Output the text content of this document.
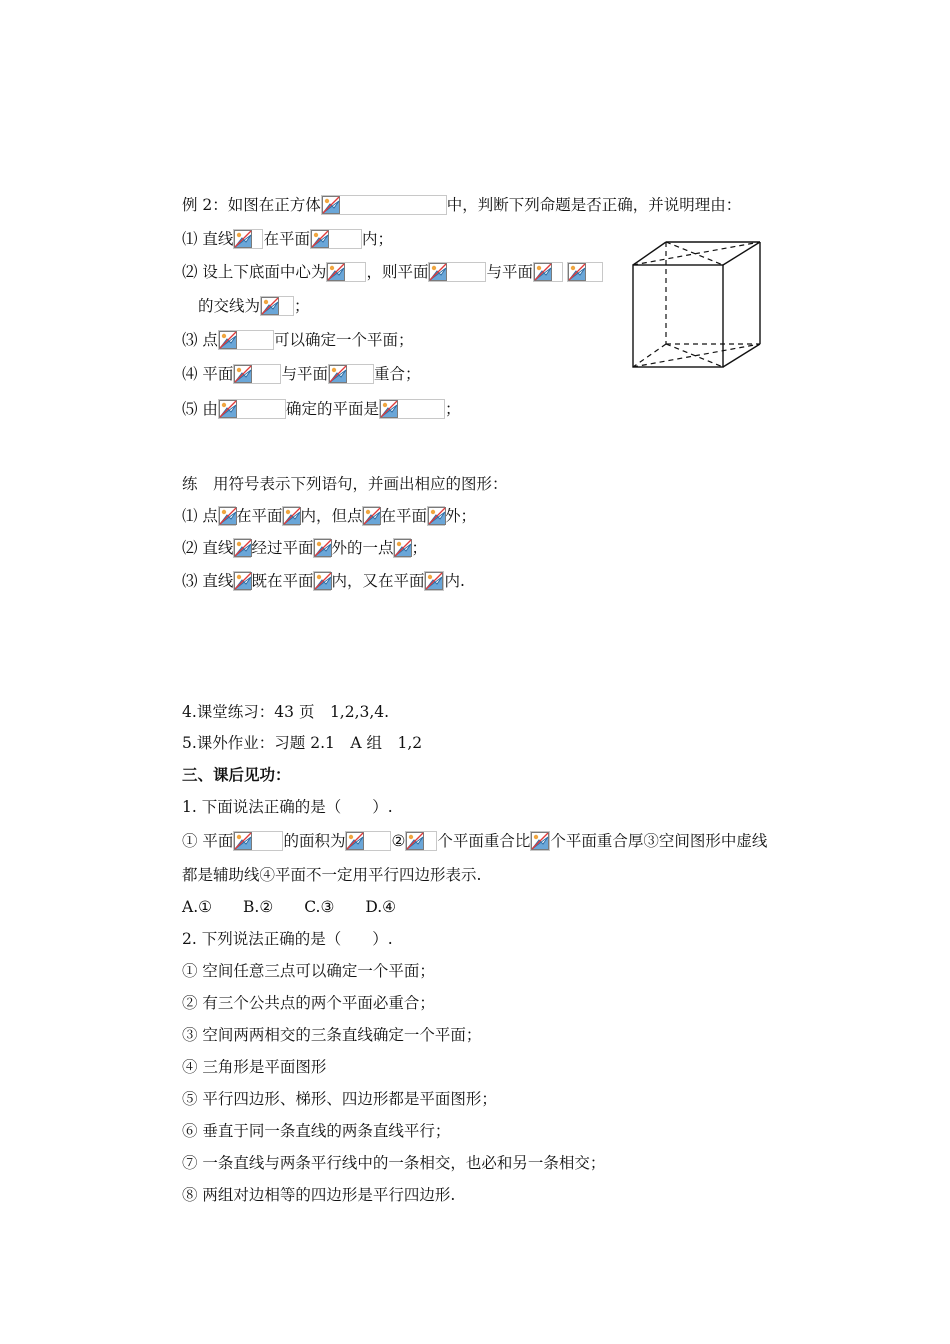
例 2：如图在正方体	中，判断下列命题是否正确，并说明理由：
⑴ 直线 在平面	内；
⑵ 设上下底面中心为	，则平面	与平面
的交线为 ；
⑶ 点	可以确定一个平面；
⑷ 平面	与平面	重合；
⑸ 由	确定的平面是	；
练　用符号表示下列语句，并画出相应的图形：
⑴ 点 在平面 内，但点 在平面 外；
⑵ 直线 经过平面 外的一点 ；
⑶ 直线 既在平面 内，又在平面 内.
4.课堂练习：43 页　1,2,3,4.
5.课外作业：习题 2.1　A 组　1,2
三、课后见功：
1. 下面说法正确的是（　　）.
① 平面	的面积为	② 个平面重合比 个平面重合厚③空间图形中虚线
都是辅助线④平面不一定用平行四边形表示.
A.①　　B.②　　C.③　　D.④
2. 下列说法正确的是（　　）.
① 空间任意三点可以确定一个平面；
② 有三个公共点的两个平面必重合；
③ 空间两两相交的三条直线确定一个平面；
④ 三角形是平面图形
⑤ 平行四边形、梯形、四边形都是平面图形；
⑥ 垂直于同一条直线的两条直线平行；
⑦ 一条直线与两条平行线中的一条相交，也必和另一条相交；
⑧ 两组对边相等的四边形是平行四边形.
